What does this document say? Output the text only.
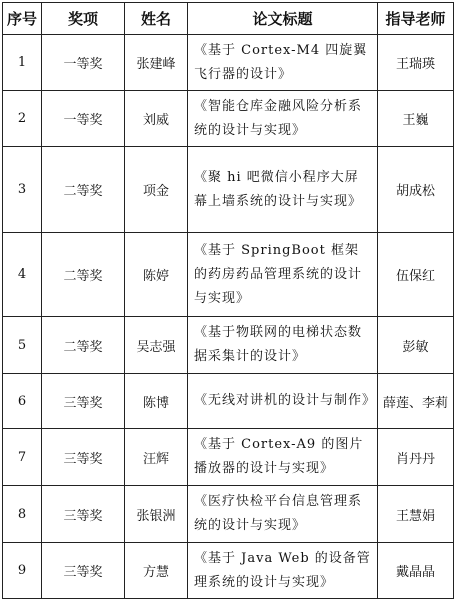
序号	奖项	姓名	论文标题	指导老师
1	一等奖	张建峰	《基于 Cortex-M4 四旋翼飞行器的设计》	王瑞瑛
2	一等奖	刘威	《智能仓库金融风险分析系统的设计与实现》	王巍
3	二等奖	项金	《聚 hi 吧微信小程序大屏幕上墙系统的设计与实现》	胡成松
4	二等奖	陈婷	《基于 SpringBoot 框架的药房药品管理系统的设计与实现》	伍保红
5	二等奖	吴志强	《基于物联网的电梯状态数据采集计的设计》	彭敏
6	三等奖	陈博	《无线对讲机的设计与制作》	薛莲、李莉
7	三等奖	汪辉	《基于 Cortex-A9 的图片播放器的设计与实现》	肖丹丹
8	三等奖	张银洲	《医疗快检平台信息管理系统的设计与实现》	王慧娟
9	三等奖	方慧	《基于 Java Web 的设备管理系统的设计与实现》	戴晶晶
